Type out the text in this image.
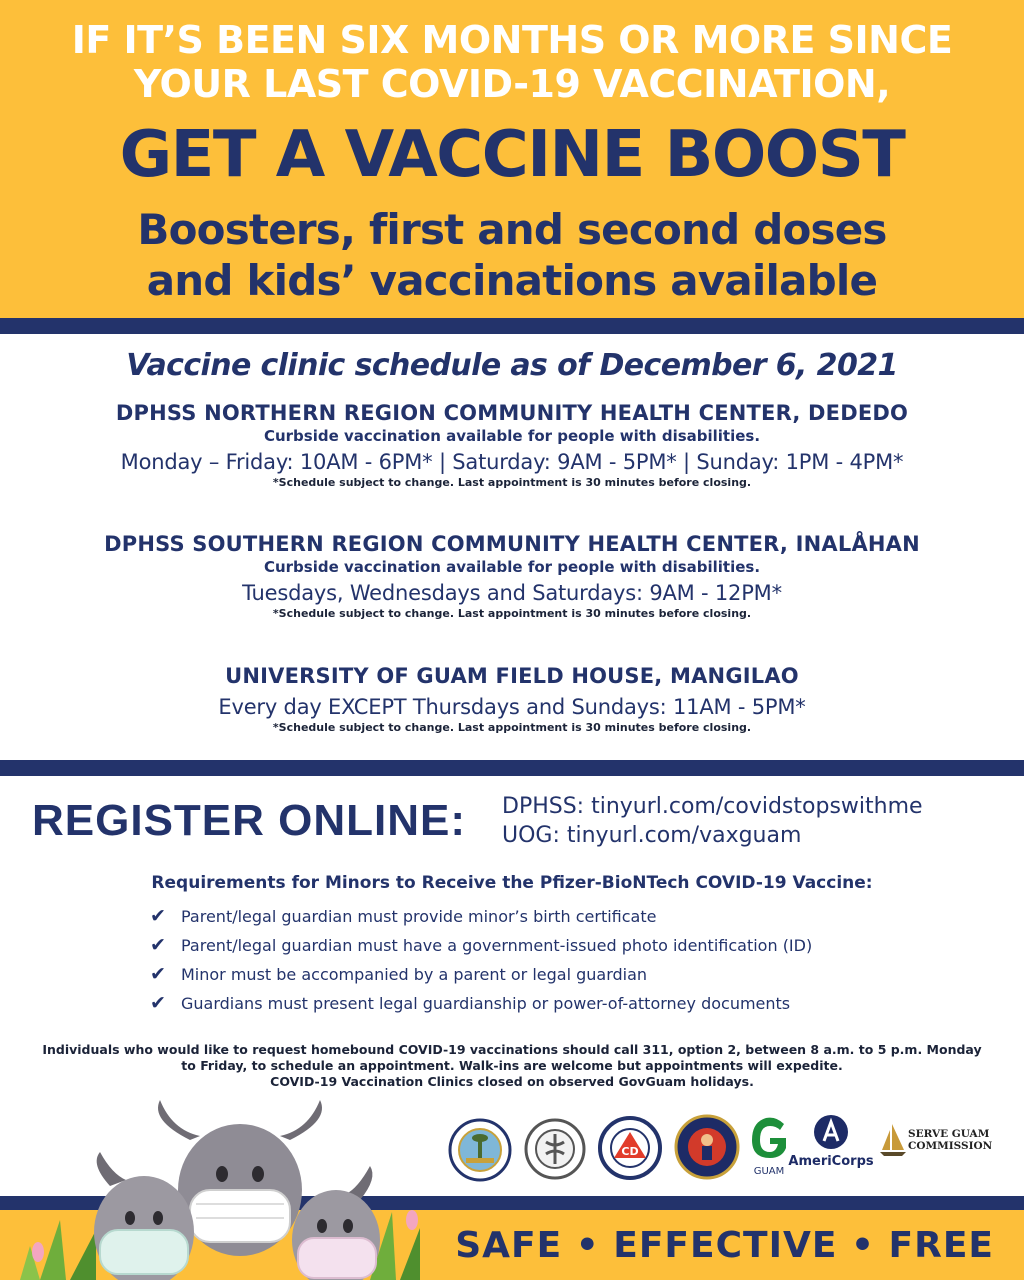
IF IT’S BEEN SIX MONTHS OR MORE SINCE
YOUR LAST COVID-19 VACCINATION,
GET A VACCINE BOOST
Boosters, first and second doses
and kids’ vaccinations available
Vaccine clinic schedule as of December 6, 2021
DPHSS NORTHERN REGION COMMUNITY HEALTH CENTER, DEDEDO
Curbside vaccination available for people with disabilities.
Monday – Friday: 10AM - 6PM* | Saturday: 9AM - 5PM* | Sunday: 1PM - 4PM*
*Schedule subject to change. Last appointment is 30 minutes before closing.
DPHSS SOUTHERN REGION COMMUNITY HEALTH CENTER, INALÅHAN
Curbside vaccination available for people with disabilities.
Tuesdays, Wednesdays and Saturdays: 9AM - 12PM*
*Schedule subject to change. Last appointment is 30 minutes before closing.
UNIVERSITY OF GUAM FIELD HOUSE, MANGILAO
Every day EXCEPT Thursdays and Sundays: 11AM - 5PM*
*Schedule subject to change. Last appointment is 30 minutes before closing.
REGISTER ONLINE: DPHSS: tinyurl.com/covidstopswithme
UOG: tinyurl.com/vaxguam
Requirements for Minors to Receive the Pfizer-BioNTech COVID-19 Vaccine:
✔ Parent/legal guardian must provide minor’s birth certificate
✔ Parent/legal guardian must have a government-issued photo identification (ID)
✔ Minor must be accompanied by a parent or legal guardian
✔ Guardians must present legal guardianship or power-of-attorney documents
Individuals who would like to request homebound COVID-19 vaccinations should call 311, option 2, between 8 a.m. to 5 p.m. Monday
to Friday, to schedule an appointment. Walk-ins are welcome but appointments will expedite.
COVID-19 Vaccination Clinics closed on observed GovGuam holidays.
SAFE • EFFECTIVE • FREE
CD
GUAM
AmeriCorps
SERVE GUAM
COMMISSION
